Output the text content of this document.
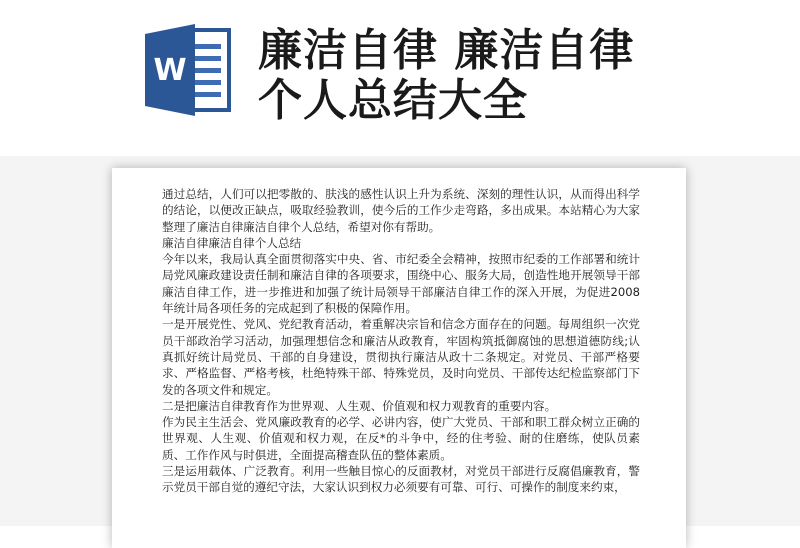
W 廉洁自律 廉洁自律
个人总结大全

通过总结，人们可以把零散的、肤浅的感性认识上升为系统、深刻的理性认识，从而得出科学的结论，以便改正缺点，吸取经验教训，使今后的工作少走弯路，多出成果。本站精心为大家整理了廉洁自律廉洁自律个人总结，希望对你有帮助。

廉洁自律廉洁自律个人总结

今年以来，我局认真全面贯彻落实中央、省、市纪委全会精神，按照市纪委的工作部署和统计局党风廉政建设责任制和廉洁自律的各项要求，围绕中心、服务大局，创造性地开展领导干部廉洁自律工作，进一步推进和加强了统计局领导干部廉洁自律工作的深入开展，为促进2008 年统计局各项任务的完成起到了积极的保障作用。

一是开展党性、党风、党纪教育活动，着重解决宗旨和信念方面存在的问题。每周组织一次党员干部政治学习活动，加强理想信念和廉洁从政教育，牢固构筑抵御腐蚀的思想道德防线;认真抓好统计局党员、干部的自身建设，贯彻执行廉洁从政十二条规定。对党员、干部严格要求、严格监督、严格考核，杜绝特殊干部、特殊党员，及时向党员、干部传达纪检监察部门下发的各项文件和规定。

二是把廉洁自律教育作为世界观、人生观、价值观和权力观教育的重要内容。

作为民主生活会、党风廉政教育的必学、必讲内容，使广大党员、干部和职工群众树立正确的世界观、人生观、价值观和权力观，在反*的斗争中，经的住考验、耐的住磨练，使队员素质、工作作风与时俱进，全面提高稽查队伍的整体素质。

三是运用载体、广泛教育。利用一些触目惊心的反面教材，对党员干部进行反腐倡廉教育，警示党员干部自觉的遵纪守法，大家认识到权力必须要有可靠、可行、可操作的制度来约束，
